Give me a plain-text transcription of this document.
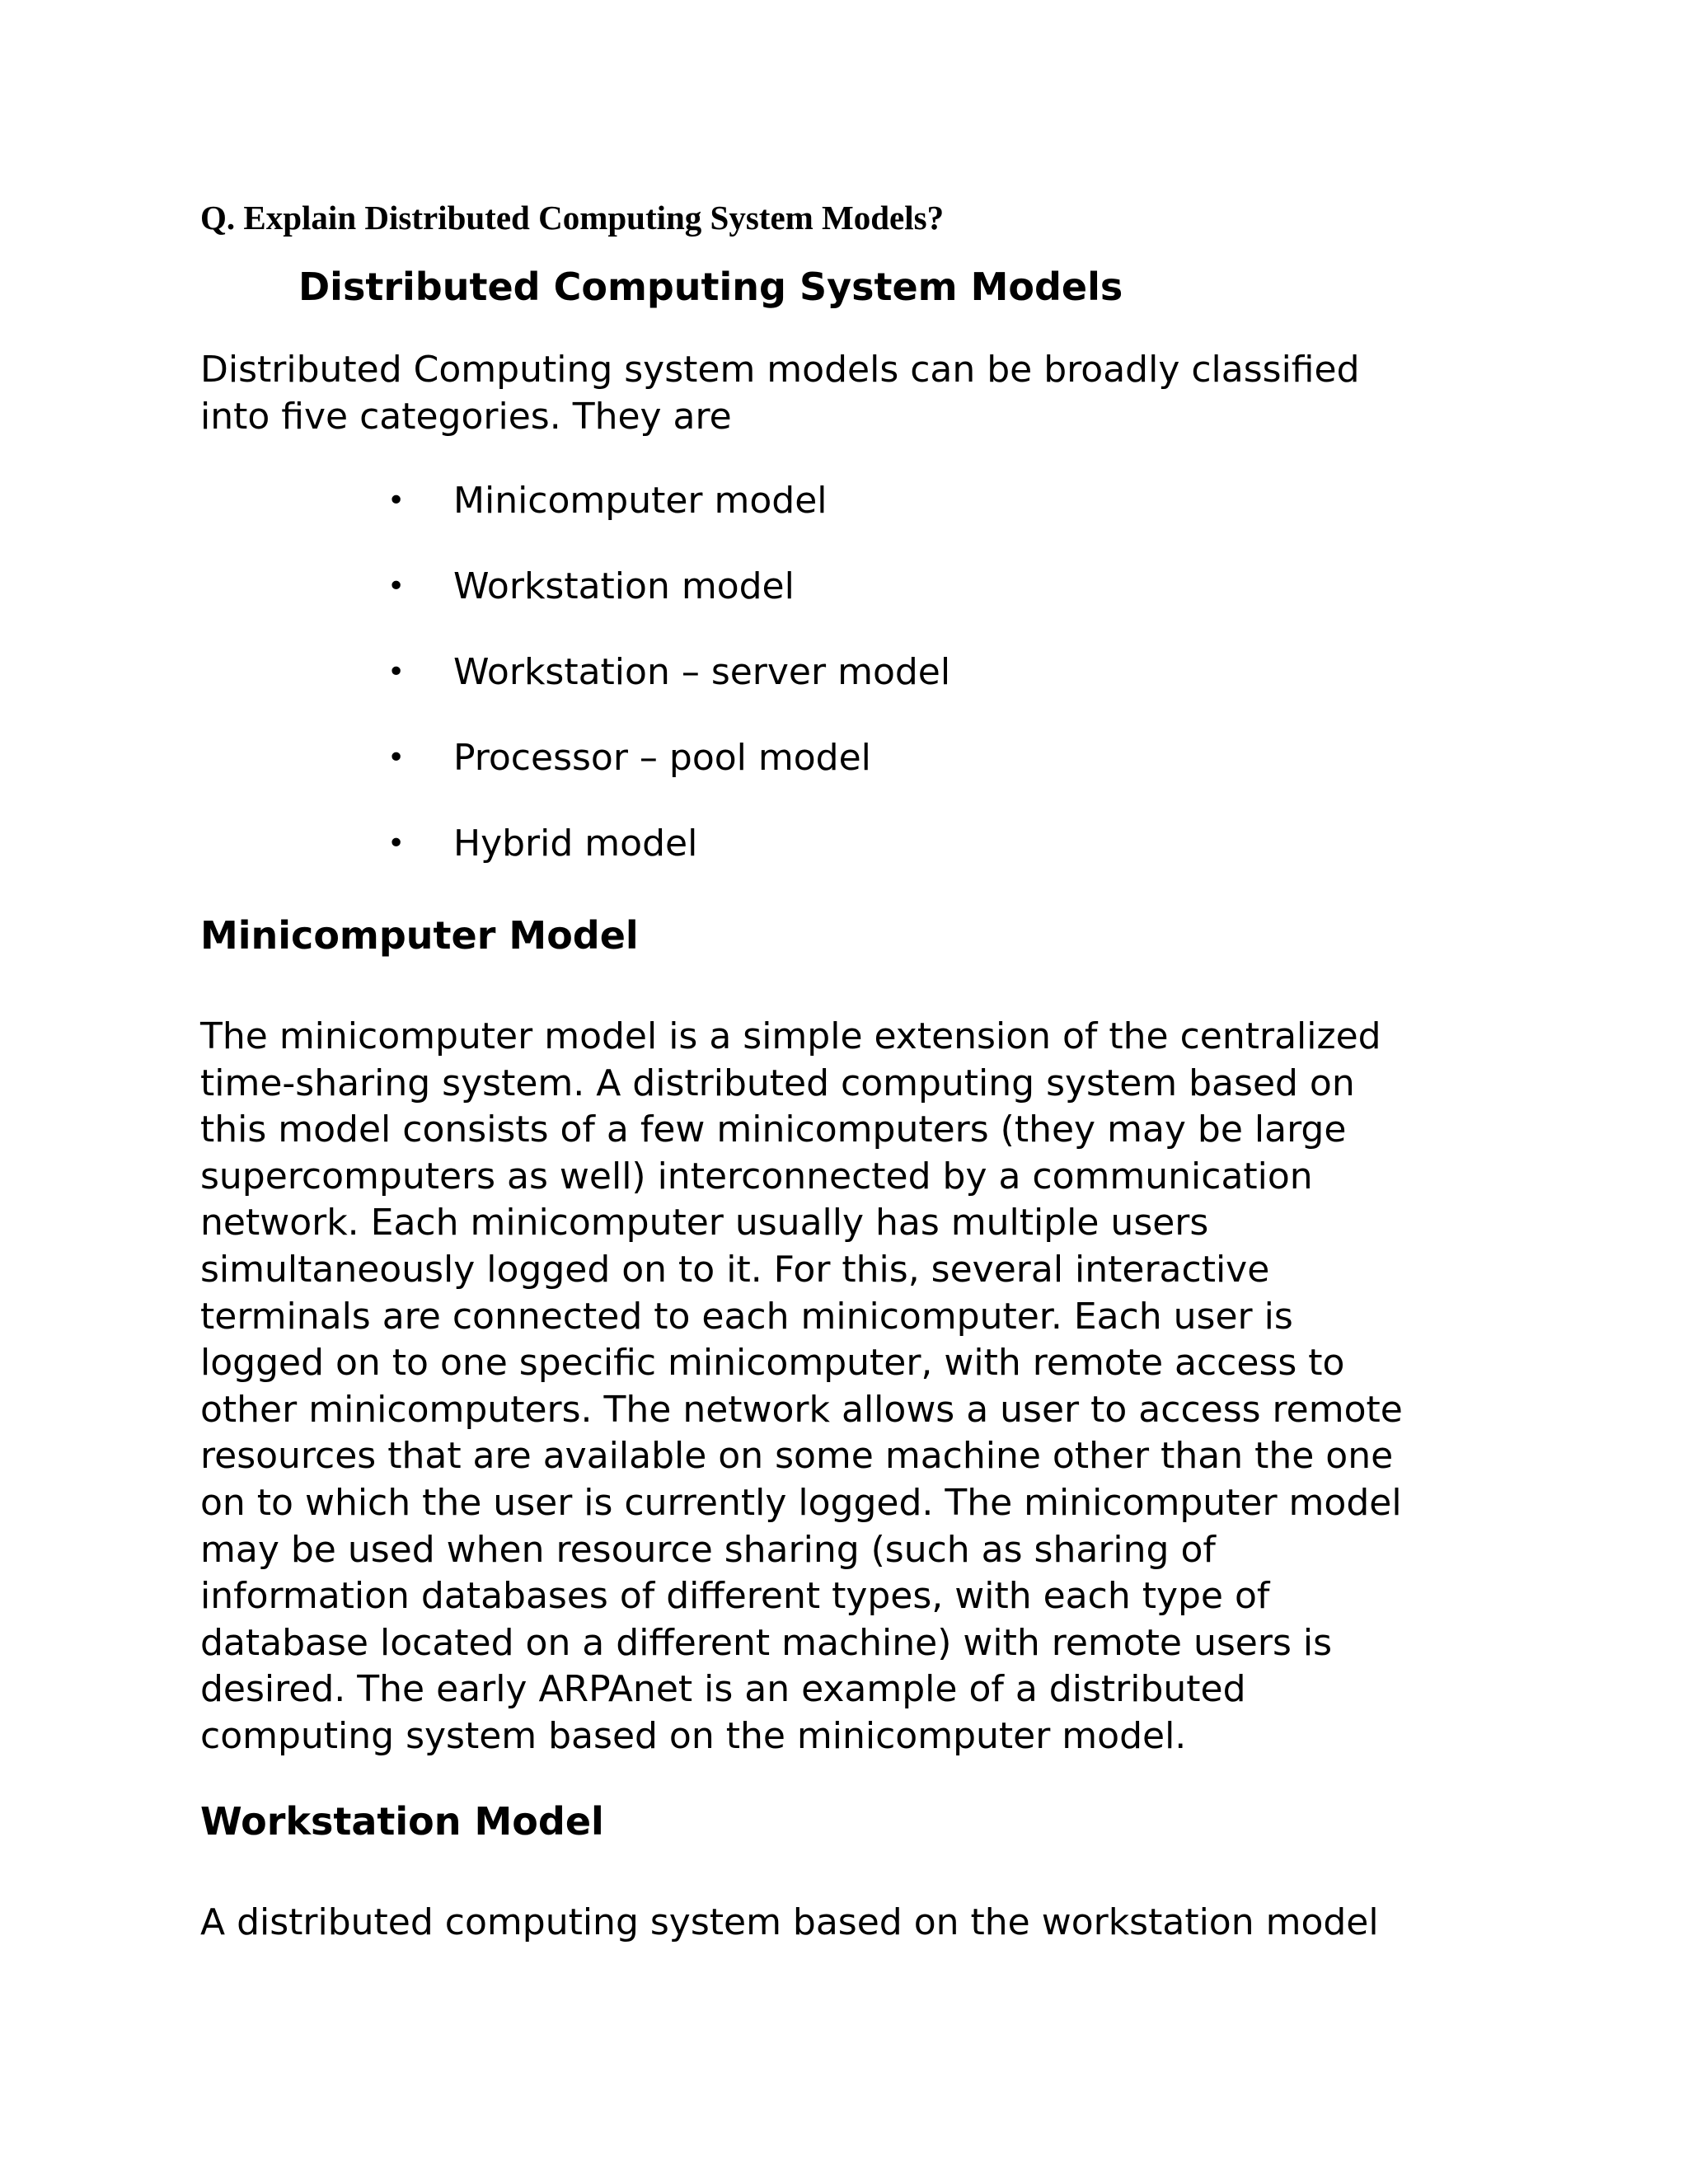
Q. Explain Distributed Computing System Models?
Distributed Computing System Models
Distributed Computing system models can be broadly classified
into five categories. They are
•	Minicomputer model
•	Workstation model
•	Workstation – server model
•	Processor – pool model
•	Hybrid model
Minicomputer Model
The minicomputer model is a simple extension of the centralized
time-sharing system. A distributed computing system based on
this model consists of a few minicomputers (they may be large
supercomputers as well) interconnected by a communication
network. Each minicomputer usually has multiple users
simultaneously logged on to it. For this, several interactive
terminals are connected to each minicomputer. Each user is
logged on to one specific minicomputer, with remote access to
other minicomputers. The network allows a user to access remote
resources that are available on some machine other than the one
on to which the user is currently logged. The minicomputer model
may be used when resource sharing (such as sharing of
information databases of different types, with each type of
database located on a different machine) with remote users is
desired. The early ARPAnet is an example of a distributed
computing system based on the minicomputer model.
Workstation Model
A distributed computing system based on the workstation model
